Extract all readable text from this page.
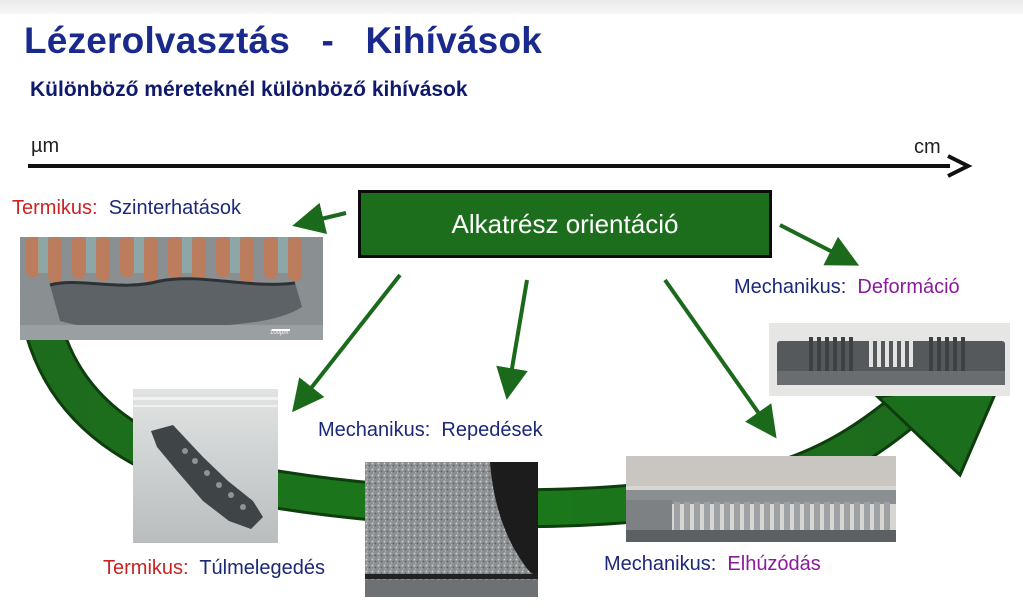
Lézerolvasztás   -   Kihívások
Különböző méreteknél különböző kihívások
µm	cm
Alkatrész orientáció
Termikus: Szinterhatások
Mechanikus: Deformáció
Mechanikus: Repedések
Termikus: Túlmelegedés	Mechanikus: Elhúzódás
100µm
